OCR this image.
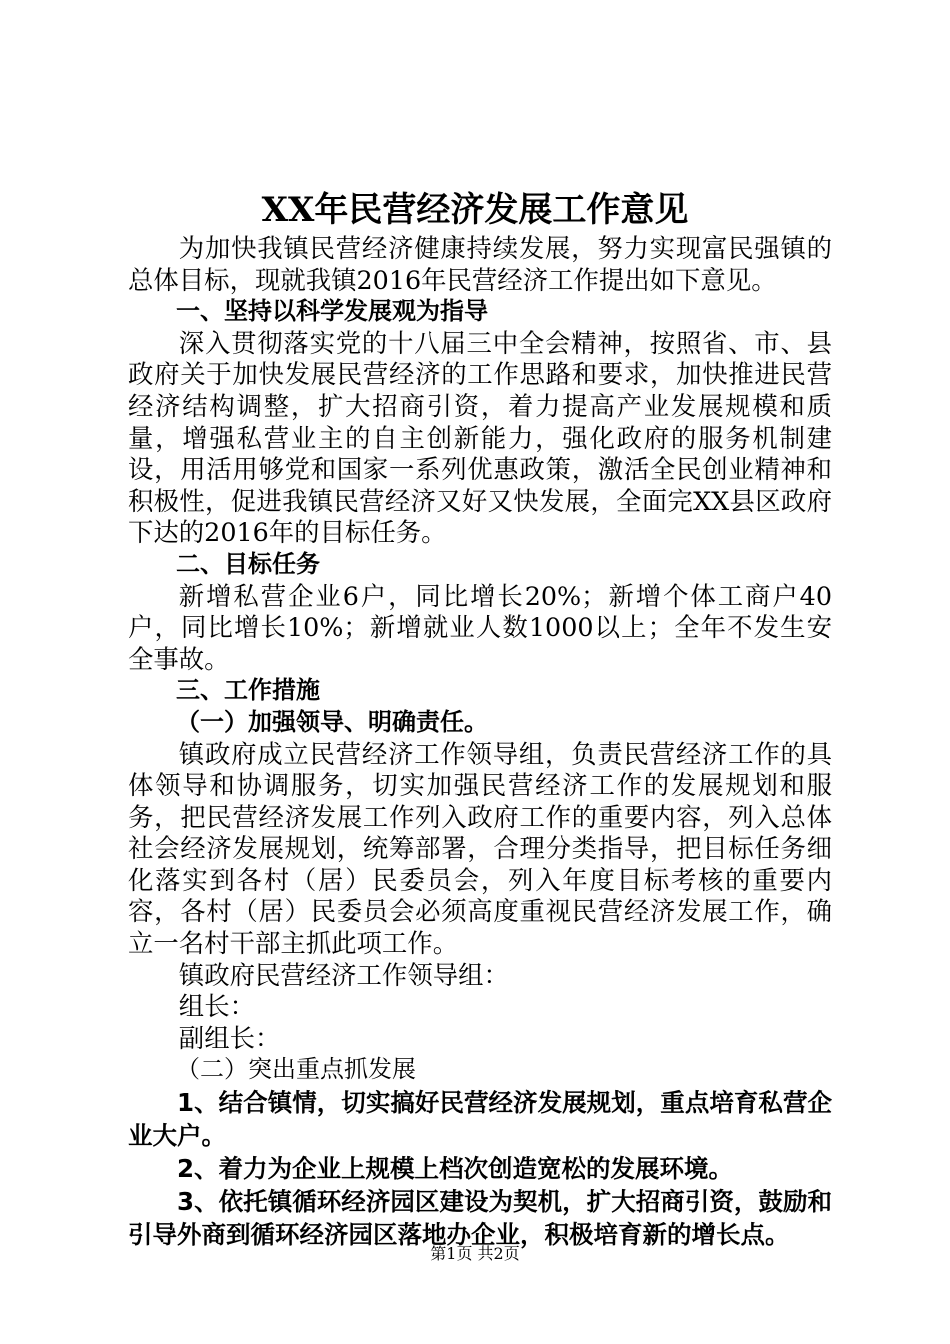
XX年民营经济发展工作意见

为加快我镇民营经济健康持续发展，努力实现富民强镇的总体目标，现就我镇2016年民营经济工作提出如下意见。

一、坚持以科学发展观为指导

深入贯彻落实党的十八届三中全会精神，按照省、市、县政府关于加快发展民营经济的工作思路和要求，加快推进民营经济结构调整，扩大招商引资，着力提高产业发展规模和质量，增强私营业主的自主创新能力，强化政府的服务机制建设，用活用够党和国家一系列优惠政策，激活全民创业精神和积极性，促进我镇民营经济又好又快发展，全面完XX县区政府下达的2016年的目标任务。

二、目标任务

新增私营企业6户，同比增长20%；新增个体工商户40户，同比增长10%；新增就业人数1000以上；全年不发生安全事故。

三、工作措施

（一）加强领导、明确责任。

镇政府成立民营经济工作领导组，负责民营经济工作的具体领导和协调服务，切实加强民营经济工作的发展规划和服务，把民营经济发展工作列入政府工作的重要内容，列入总体社会经济发展规划，统筹部署，合理分类指导，把目标任务细化落实到各村（居）民委员会，列入年度目标考核的重要内容，各村（居）民委员会必须高度重视民营经济发展工作，确立一名村干部主抓此项工作。

镇政府民营经济工作领导组：

组长：

副组长：

（二）突出重点抓发展

1、结合镇情，切实搞好民营经济发展规划，重点培育私营企业大户。

2、着力为企业上规模上档次创造宽松的发展环境。

3、依托镇循环经济园区建设为契机，扩大招商引资，鼓励和引导外商到循环经济园区落地办企业，积极培育新的增长点。

第1页 共2页
